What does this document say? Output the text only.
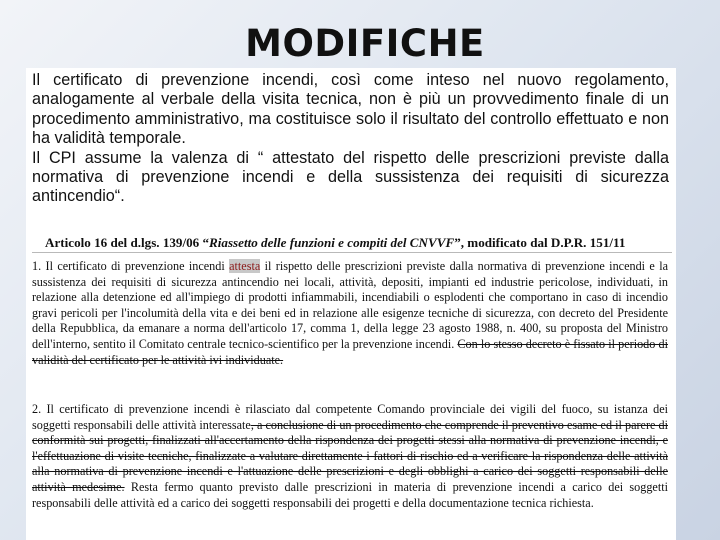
MODIFICHE

Il certificato di prevenzione incendi, così come inteso nel nuovo regolamento, analogamente al verbale della visita tecnica, non è più un provvedimento finale di un procedimento amministrativo, ma costituisce solo il risultato del controllo effettuato e non ha validità temporale.

Il CPI assume la valenza di “ attestato del rispetto delle prescrizioni previste dalla normativa di prevenzione incendi e della sussistenza dei requisiti di sicurezza antincendio“.

Articolo 16 del d.lgs. 139/06 “Riassetto delle funzioni e compiti del CNVVF”, modificato dal D.P.R. 151/11

1. Il certificato di prevenzione incendi attesta il rispetto delle prescrizioni previste dalla normativa di prevenzione incendi e la sussistenza dei requisiti di sicurezza antincendio nei locali, attività, depositi, impianti ed industrie pericolose, individuati, in relazione alla detenzione ed all'impiego di prodotti infiammabili, incendiabili o esplodenti che comportano in caso di incendio gravi pericoli per l'incolumità della vita e dei beni ed in relazione alle esigenze tecniche di sicurezza, con decreto del Presidente della Repubblica, da emanare a norma dell'articolo 17, comma 1, della legge 23 agosto 1988, n. 400, su proposta del Ministro dell'interno, sentito il Comitato centrale tecnico-scientifico per la prevenzione incendi. Con lo stesso decreto è fissato il periodo di validità del certificato per le attività ivi individuate.

2. Il certificato di prevenzione incendi è rilasciato dal competente Comando provinciale dei vigili del fuoco, su istanza dei soggetti responsabili delle attività interessate, a conclusione di un procedimento che comprende il preventivo esame ed il parere di conformità sui progetti, finalizzati all'accertamento della rispondenza dei progetti stessi alla normativa di prevenzione incendi, e l'effettuazione di visite tecniche, finalizzate a valutare direttamente i fattori di rischio ed a verificare la rispondenza delle attività alla normativa di prevenzione incendi e l'attuazione delle prescrizioni e degli obblighi a carico dei soggetti responsabili delle attività medesime. Resta fermo quanto previsto dalle prescrizioni in materia di prevenzione incendi a carico dei soggetti responsabili delle attività ed a carico dei soggetti responsabili dei progetti e della documentazione tecnica richiesta.
